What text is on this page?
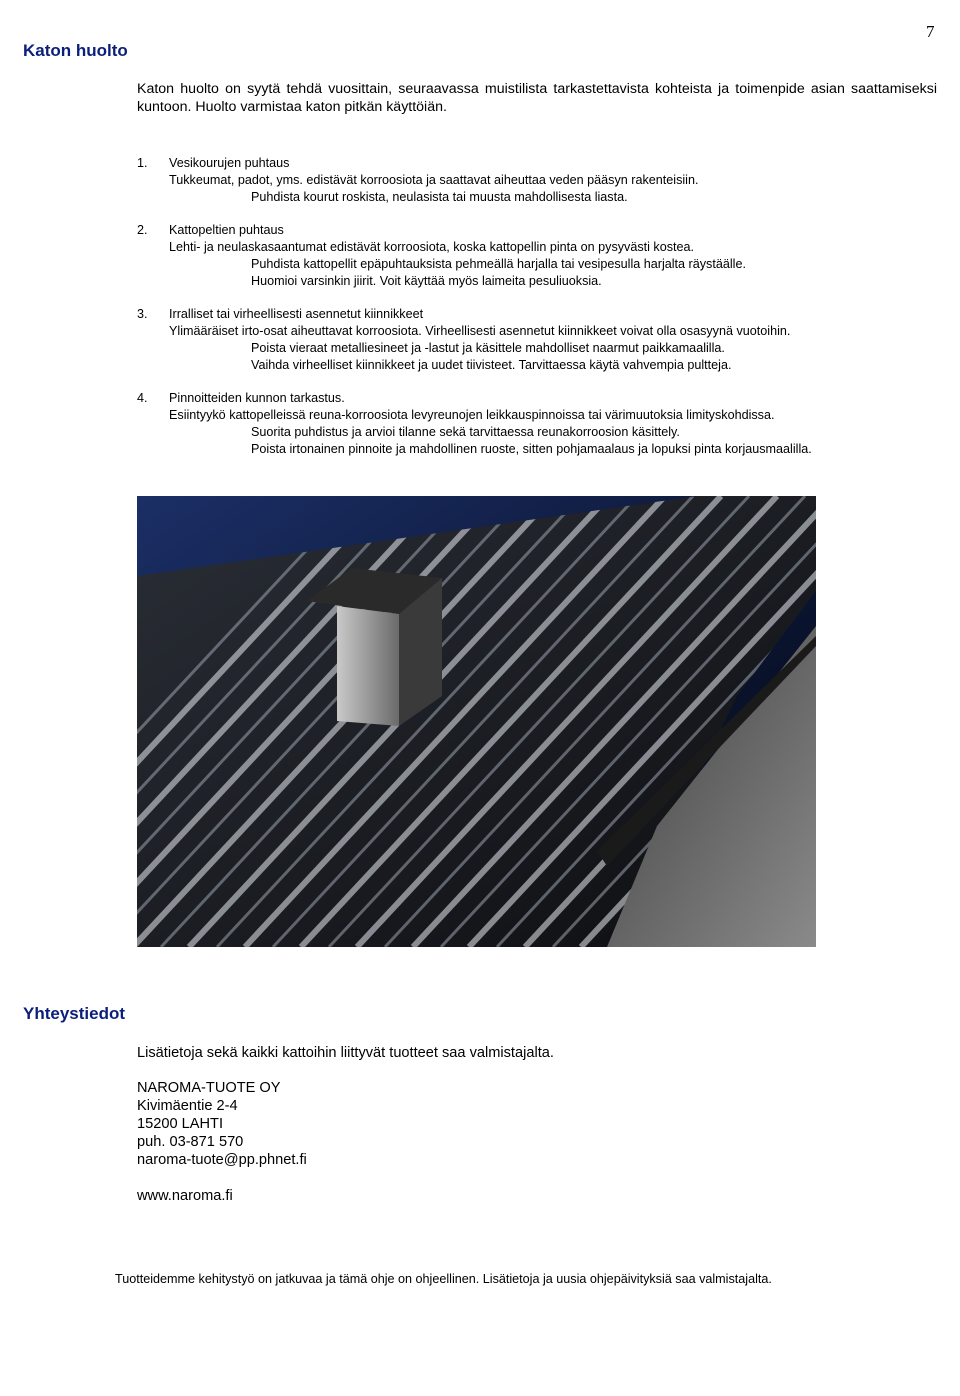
7
Katon huolto

Katon huolto on syytä tehdä vuosittain, seuraavassa muistilista tarkastettavista kohteista ja toimenpide asian saattamiseksi kuntoon. Huolto varmistaa katon pitkän käyttöiän.

1.	Vesikourujen puhtaus
Tukkeumat, padot, yms. edistävät korroosiota ja saattavat aiheuttaa veden pääsyn rakenteisiin.
Puhdista kourut roskista, neulasista tai muusta mahdollisesta liasta.
2.	Kattopeltien puhtaus
Lehti- ja neulaskasaantumat edistävät korroosiota, koska kattopellin pinta on pysyvästi kostea.
Puhdista kattopellit epäpuhtauksista pehmeällä harjalla tai vesipesulla harjalta räystäälle.
Huomioi varsinkin jiirit. Voit käyttää myös laimeita pesuliuoksia.
3.	Irralliset tai virheellisesti asennetut kiinnikkeet
Ylimääräiset irto-osat aiheuttavat korroosiota. Virheellisesti asennetut kiinnikkeet voivat olla osasyynä vuotoihin.
Poista vieraat metalliesineet ja -lastut ja käsittele mahdolliset naarmut paikkamaalilla.
Vaihda virheelliset kiinnikkeet ja uudet tiivisteet. Tarvittaessa käytä vahvempia pultteja.
4.	Pinnoitteiden kunnon tarkastus.
Esiintyykö kattopelleissä reuna-korroosiota levyreunojen leikkauspinnoissa tai värimuutoksia limityskohdissa.
Suorita puhdistus ja arvioi tilanne sekä tarvittaessa reunakorroosion käsittely.
Poista irtonainen pinnoite ja mahdollinen ruoste, sitten pohjamaalaus ja lopuksi pinta korjausmaalilla.
Yhteystiedot

Lisätietoja sekä kaikki kattoihin liittyvät tuotteet saa valmistajalta.

NAROMA-TUOTE OY
Kivimäentie 2-4
15200 LAHTI
puh. 03-871 570
naroma-tuote@pp.phnet.fi
www.naroma.fi

Tuotteidemme kehitystyö on jatkuvaa ja tämä ohje on ohjeellinen. Lisätietoja ja uusia ohjepäivityksiä saa valmistajalta.
